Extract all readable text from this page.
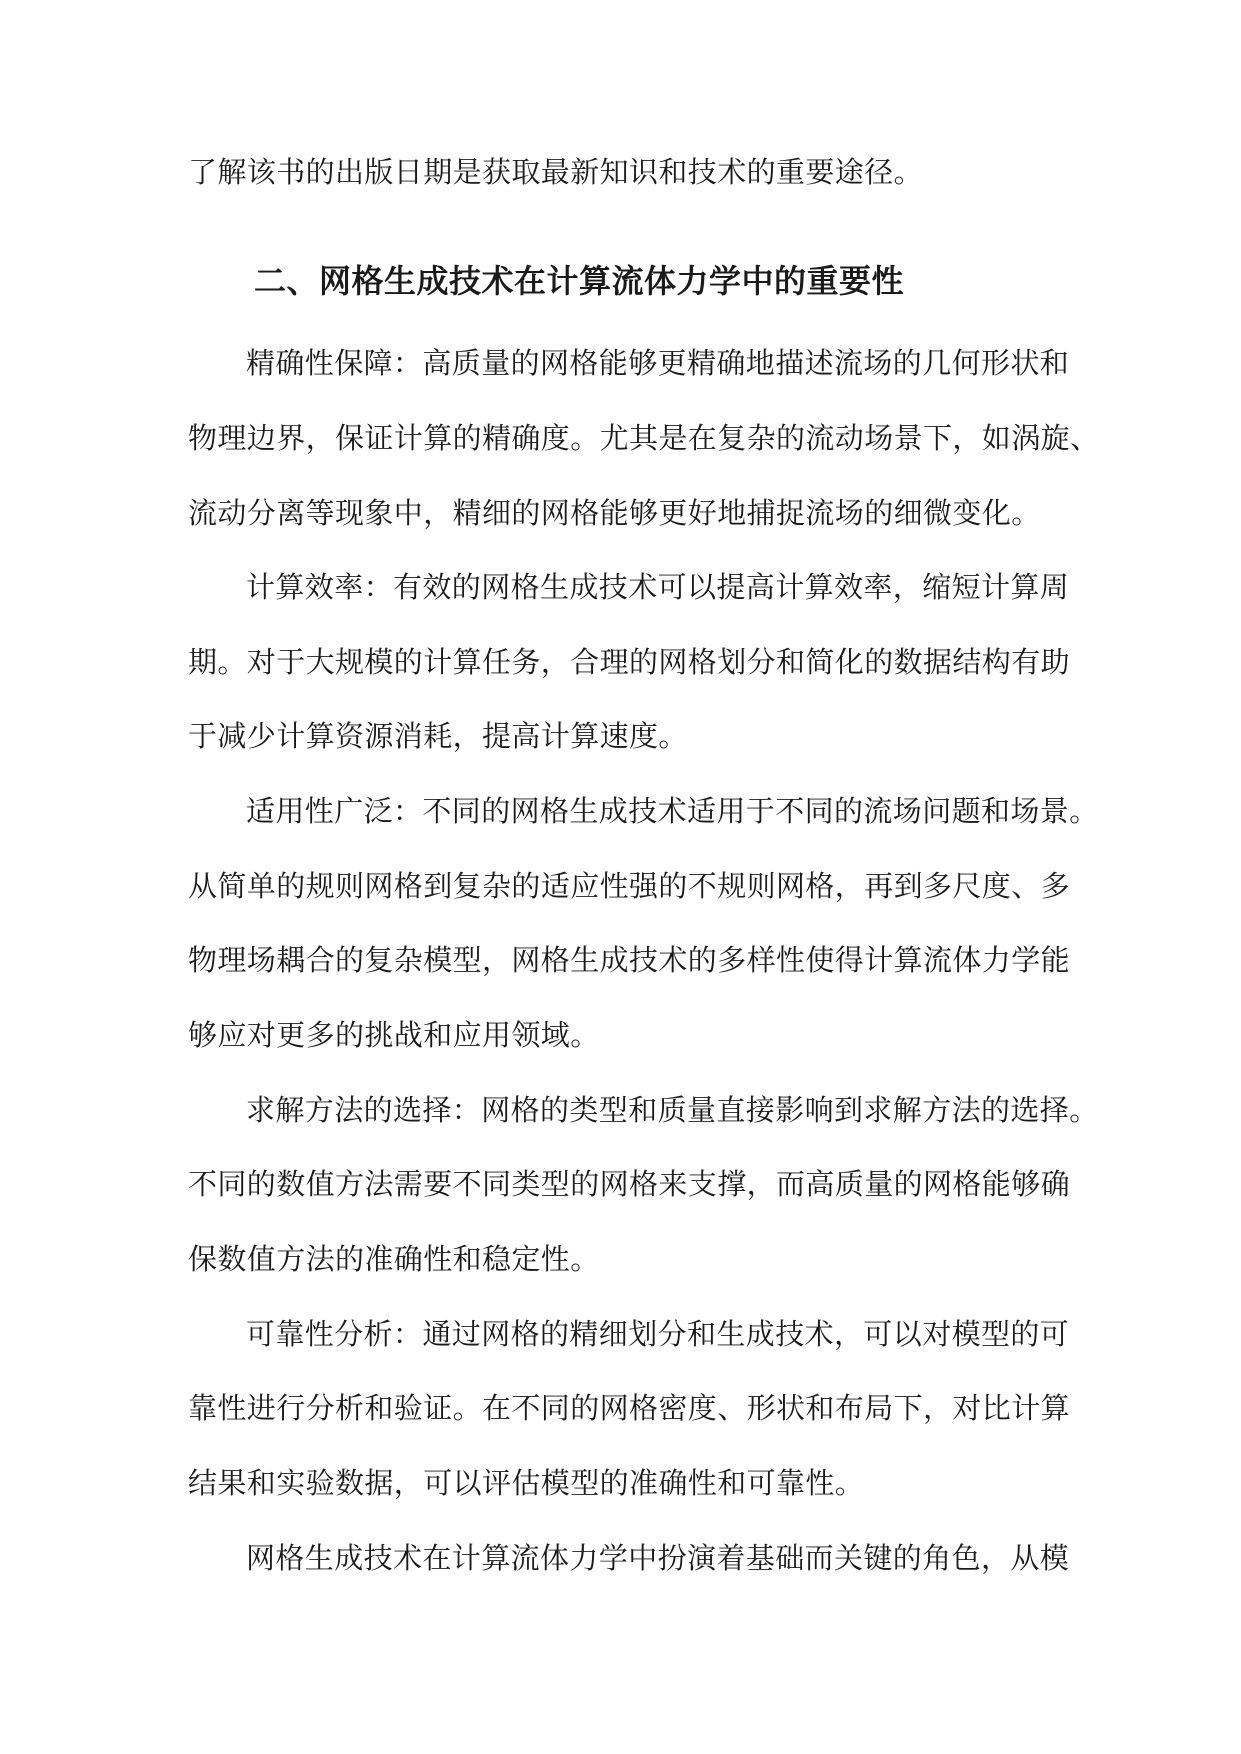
了解该书的出版日期是获取最新知识和技术的重要途径。
二、网格生成技术在计算流体力学中的重要性
精确性保障：高质量的网格能够更精确地描述流场的几何形状和
物理边界，保证计算的精确度。尤其是在复杂的流动场景下，如涡旋、
流动分离等现象中，精细的网格能够更好地捕捉流场的细微变化。
计算效率：有效的网格生成技术可以提高计算效率，缩短计算周
期。对于大规模的计算任务，合理的网格划分和简化的数据结构有助
于减少计算资源消耗，提高计算速度。
适用性广泛：不同的网格生成技术适用于不同的流场问题和场景。
从简单的规则网格到复杂的适应性强的不规则网格，再到多尺度、多
物理场耦合的复杂模型，网格生成技术的多样性使得计算流体力学能
够应对更多的挑战和应用领域。
求解方法的选择：网格的类型和质量直接影响到求解方法的选择。
不同的数值方法需要不同类型的网格来支撑，而高质量的网格能够确
保数值方法的准确性和稳定性。
可靠性分析：通过网格的精细划分和生成技术，可以对模型的可
靠性进行分析和验证。在不同的网格密度、形状和布局下，对比计算
结果和实验数据，可以评估模型的准确性和可靠性。
网格生成技术在计算流体力学中扮演着基础而关键的角色，从模
